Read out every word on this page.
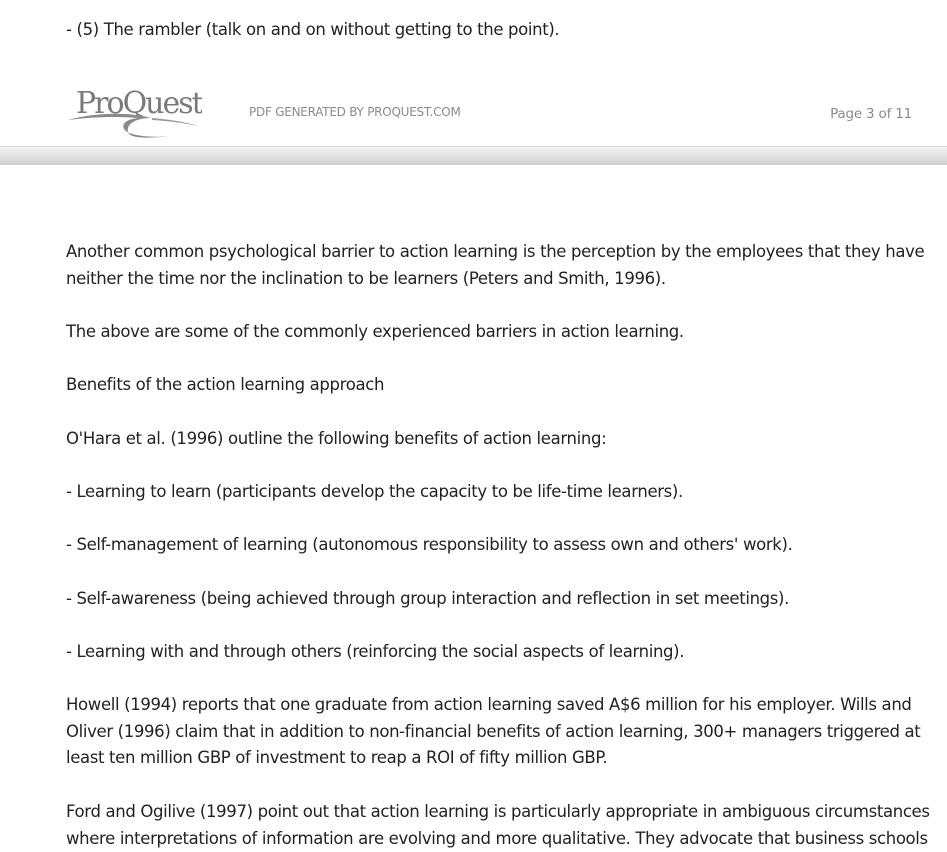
- (5) The rambler (talk on and on without getting to the point).
ProQuest	PDF GENERATED BY PROQUEST.COM	Page 3 of 11

Another common psychological barrier to action learning is the perception by the employees that they have neither the time nor the inclination to be learners (Peters and Smith, 1996).

The above are some of the commonly experienced barriers in action learning.

Benefits of the action learning approach

O'Hara et al. (1996) outline the following benefits of action learning:

- Learning to learn (participants develop the capacity to be life-time learners).

- Self-management of learning (autonomous responsibility to assess own and others' work).

- Self-awareness (being achieved through group interaction and reflection in set meetings).

- Learning with and through others (reinforcing the social aspects of learning).

Howell (1994) reports that one graduate from action learning saved A$6 million for his employer. Wills and Oliver (1996) claim that in addition to non-financial benefits of action learning, 300+ managers triggered at least ten million GBP of investment to reap a ROI of fifty million GBP.

Ford and Ogilive (1997) point out that action learning is particularly appropriate in ambiguous circumstances where interpretations of information are evolving and more qualitative. They advocate that business schools
